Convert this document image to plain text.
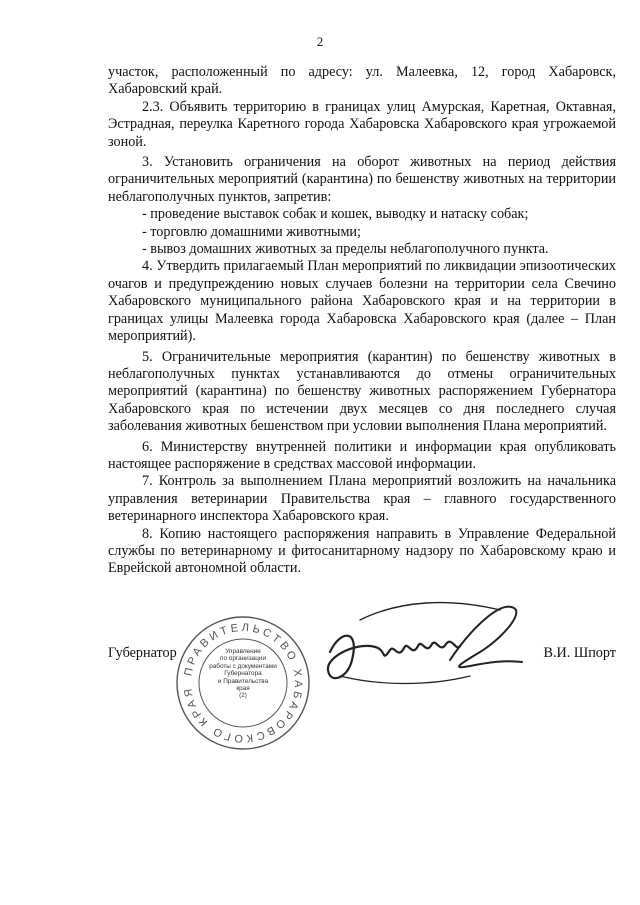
2

участок, расположенный по адресу: ул. Малеевка, 12, город Хабаровск, Хабаровский край.

2.3. Объявить территорию в границах улиц Амурская, Каретная, Октавная, Эстрадная, переулка Каретного города Хабаровска Хабаровского края угрожаемой зоной.

3. Установить ограничения на оборот животных на период действия ограничительных мероприятий (карантина) по бешенству животных на территории неблагополучных пунктов, запретив:

- проведение выставок собак и кошек, выводку и натаску собак;

- торговлю домашними животными;

- вывоз домашних животных за пределы неблагополучного пункта.

4. Утвердить прилагаемый План мероприятий по ликвидации эпизоотических очагов и предупреждению новых случаев болезни на территории села Свечино Хабаровского муниципального района Хабаровского края и на территории в границах улицы Малеевка города Хабаровска Хабаровского края (далее – План мероприятий).

5. Ограничительные мероприятия (карантин) по бешенству животных в неблагополучных пунктах устанавливаются до отмены ограничительных мероприятий (карантина) по бешенству животных распоряжением Губернатора Хабаровского края по истечении двух месяцев со дня последнего случая заболевания животных бешенством при условии выполнения Плана мероприятий.

6. Министерству внутренней политики и информации края опубликовать настоящее распоряжение в средствах массовой информации.

7. Контроль за выполнением Плана мероприятий возложить на начальника управления ветеринарии Правительства края – главного государственного ветеринарного инспектора Хабаровского края.

8. Копию настоящего распоряжения направить в Управление Федеральной службы по ветеринарному и фитосанитарному надзору по Хабаровскому краю и Еврейской автономной области.

ПРАВИТЕЛЬСТВО ХАБАРОВСКОГО КРАЯ
Управление
по организации
работы с документами
Губернатора
и Правительства
края
(2)
Губернатор	В.И. Шпорт
